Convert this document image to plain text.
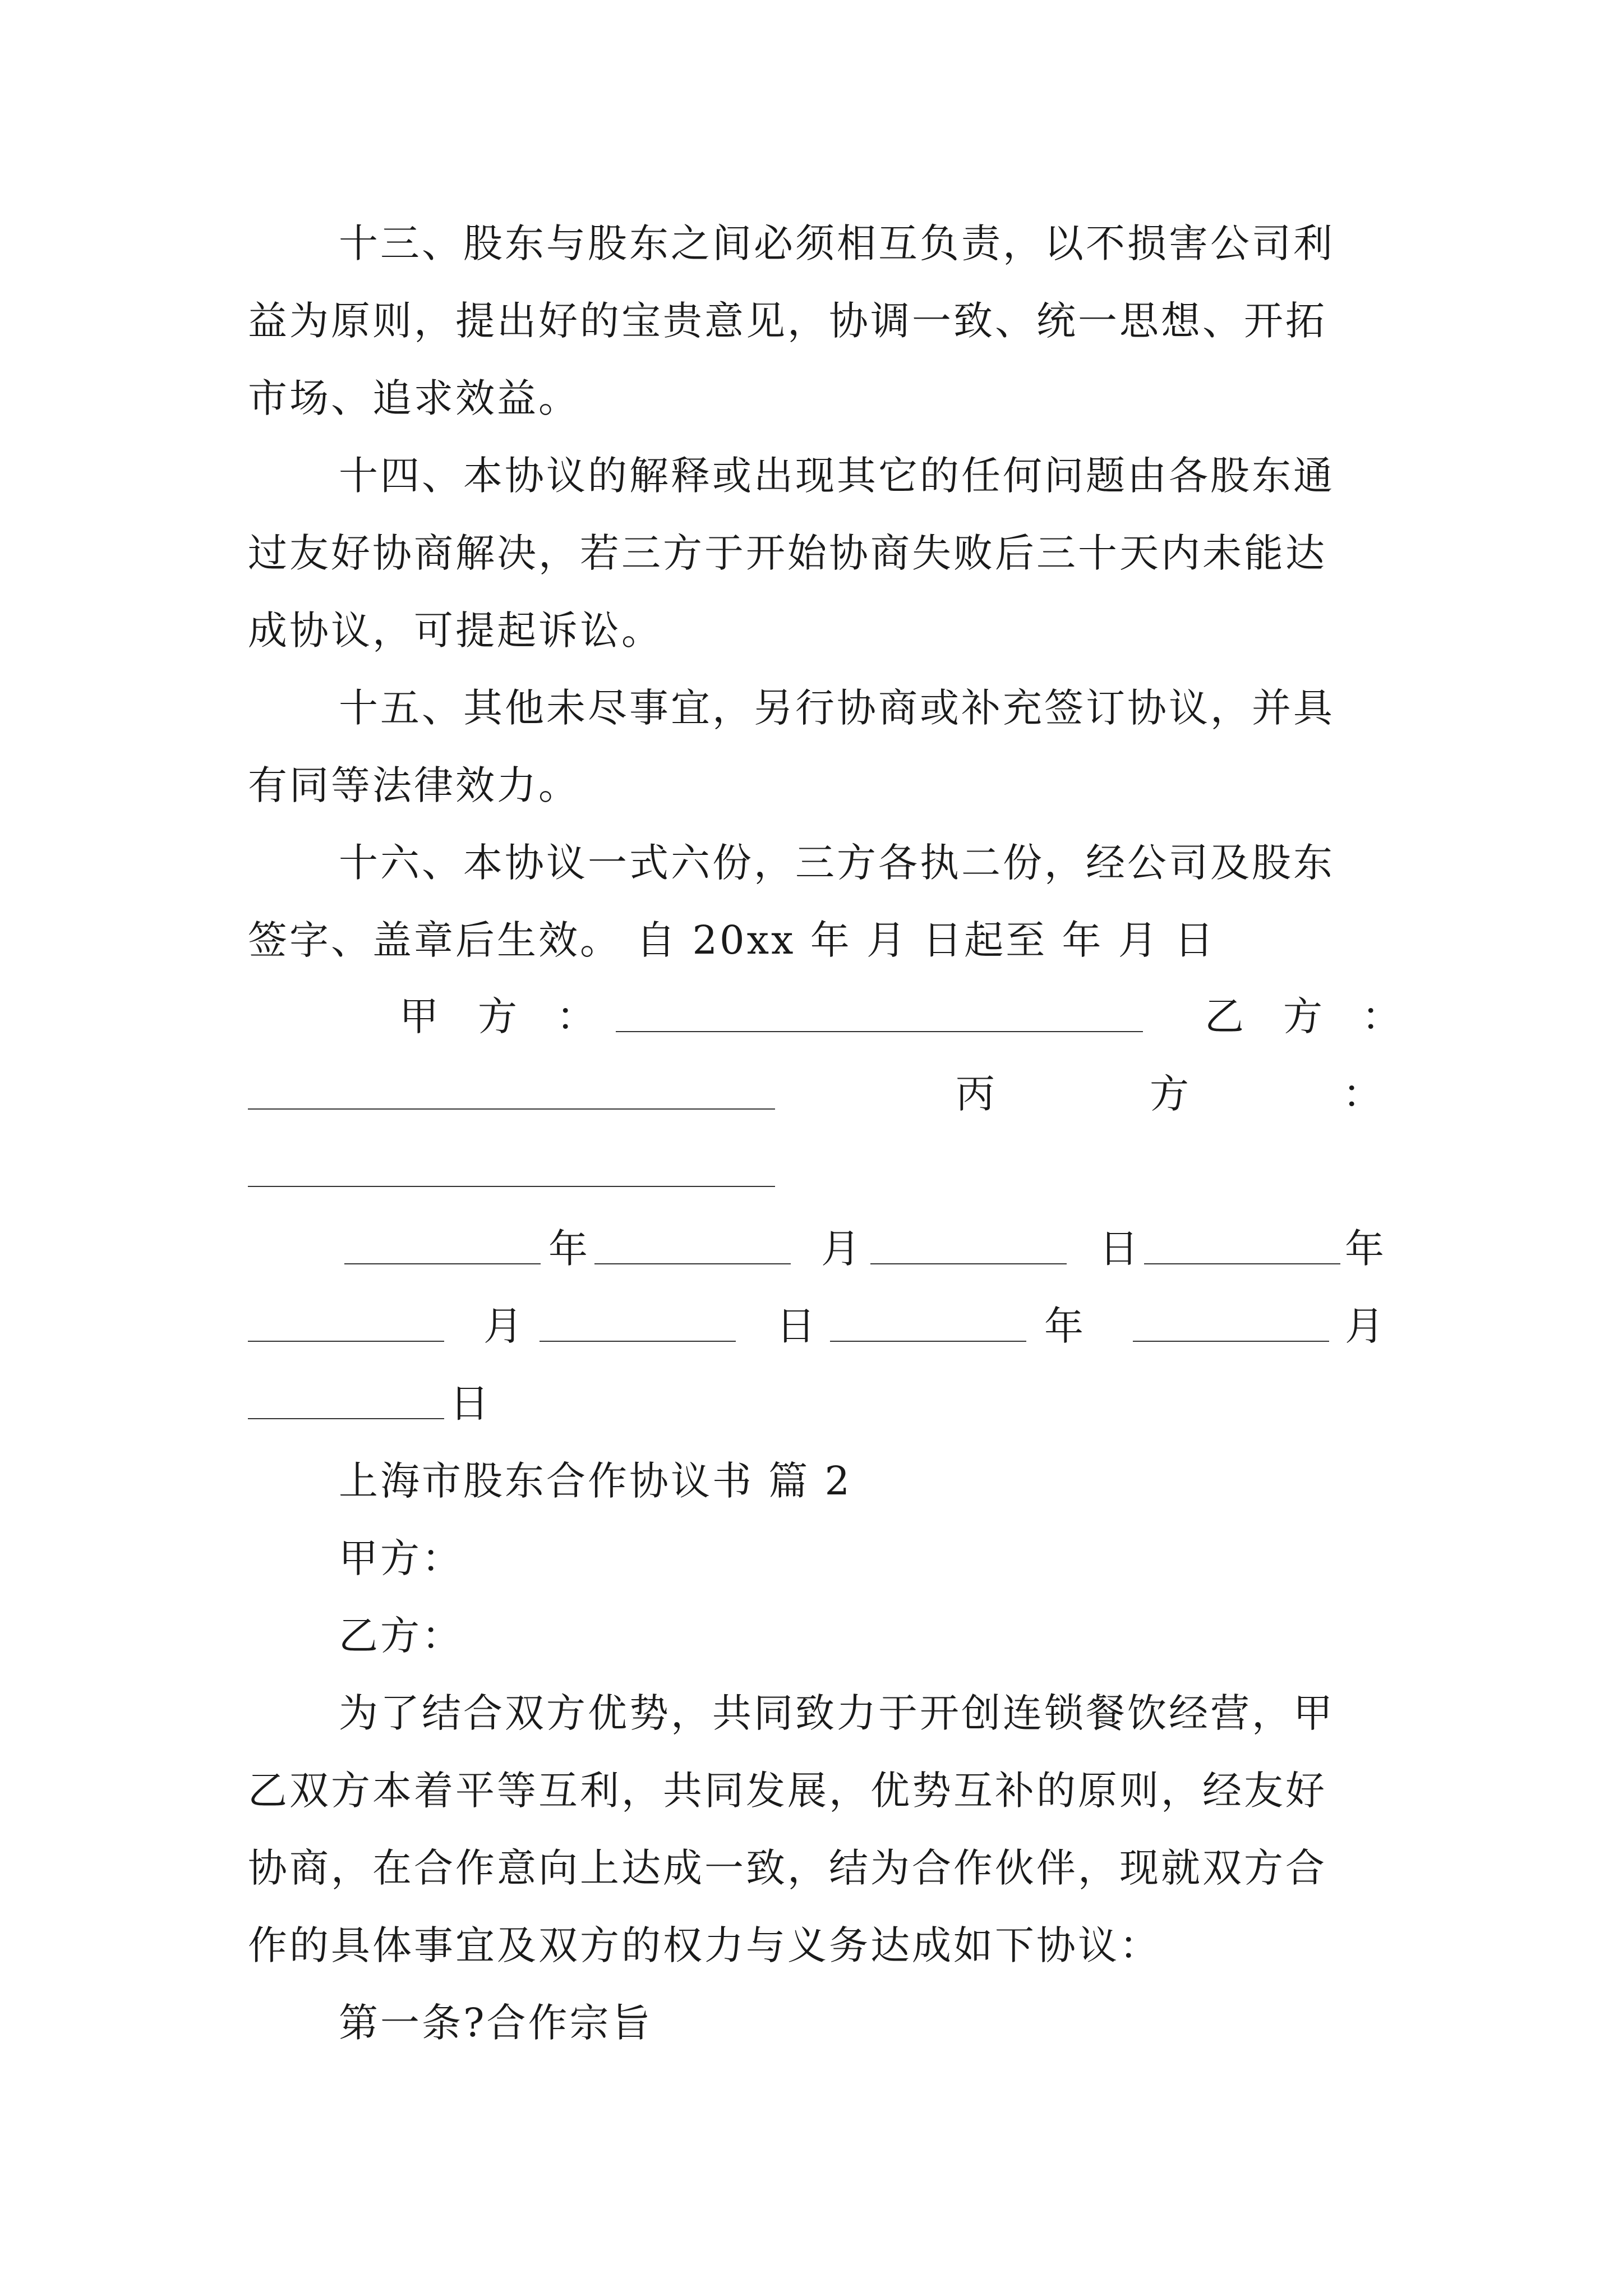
十三、股东与股东之间必须相互负责，以不损害公司利
益为原则，提出好的宝贵意见，协调一致、统一思想、开拓
市场、追求效益。
十四、本协议的解释或出现其它的任何问题由各股东通
过友好协商解决，若三方于开始协商失败后三十天内未能达
成协议，可提起诉讼。
十五、其他未尽事宜，另行协商或补充签订协议，并具
有同等法律效力。
十六、本协议一式六份，三方各执二份，经公司及股东
签字、盖章后生效。 自 20xx 年 月 日起至 年 月 日
甲　方　：	乙　方　：
丙	方	：
年	月	日	年
月	日	年	月
日
上海市股东合作协议书 篇 2
甲方：
乙方：
为了结合双方优势，共同致力于开创连锁餐饮经营，甲
乙双方本着平等互利，共同发展，优势互补的原则，经友好
协商，在合作意向上达成一致，结为合作伙伴，现就双方合
作的具体事宜及双方的权力与义务达成如下协议：
第一条?合作宗旨
